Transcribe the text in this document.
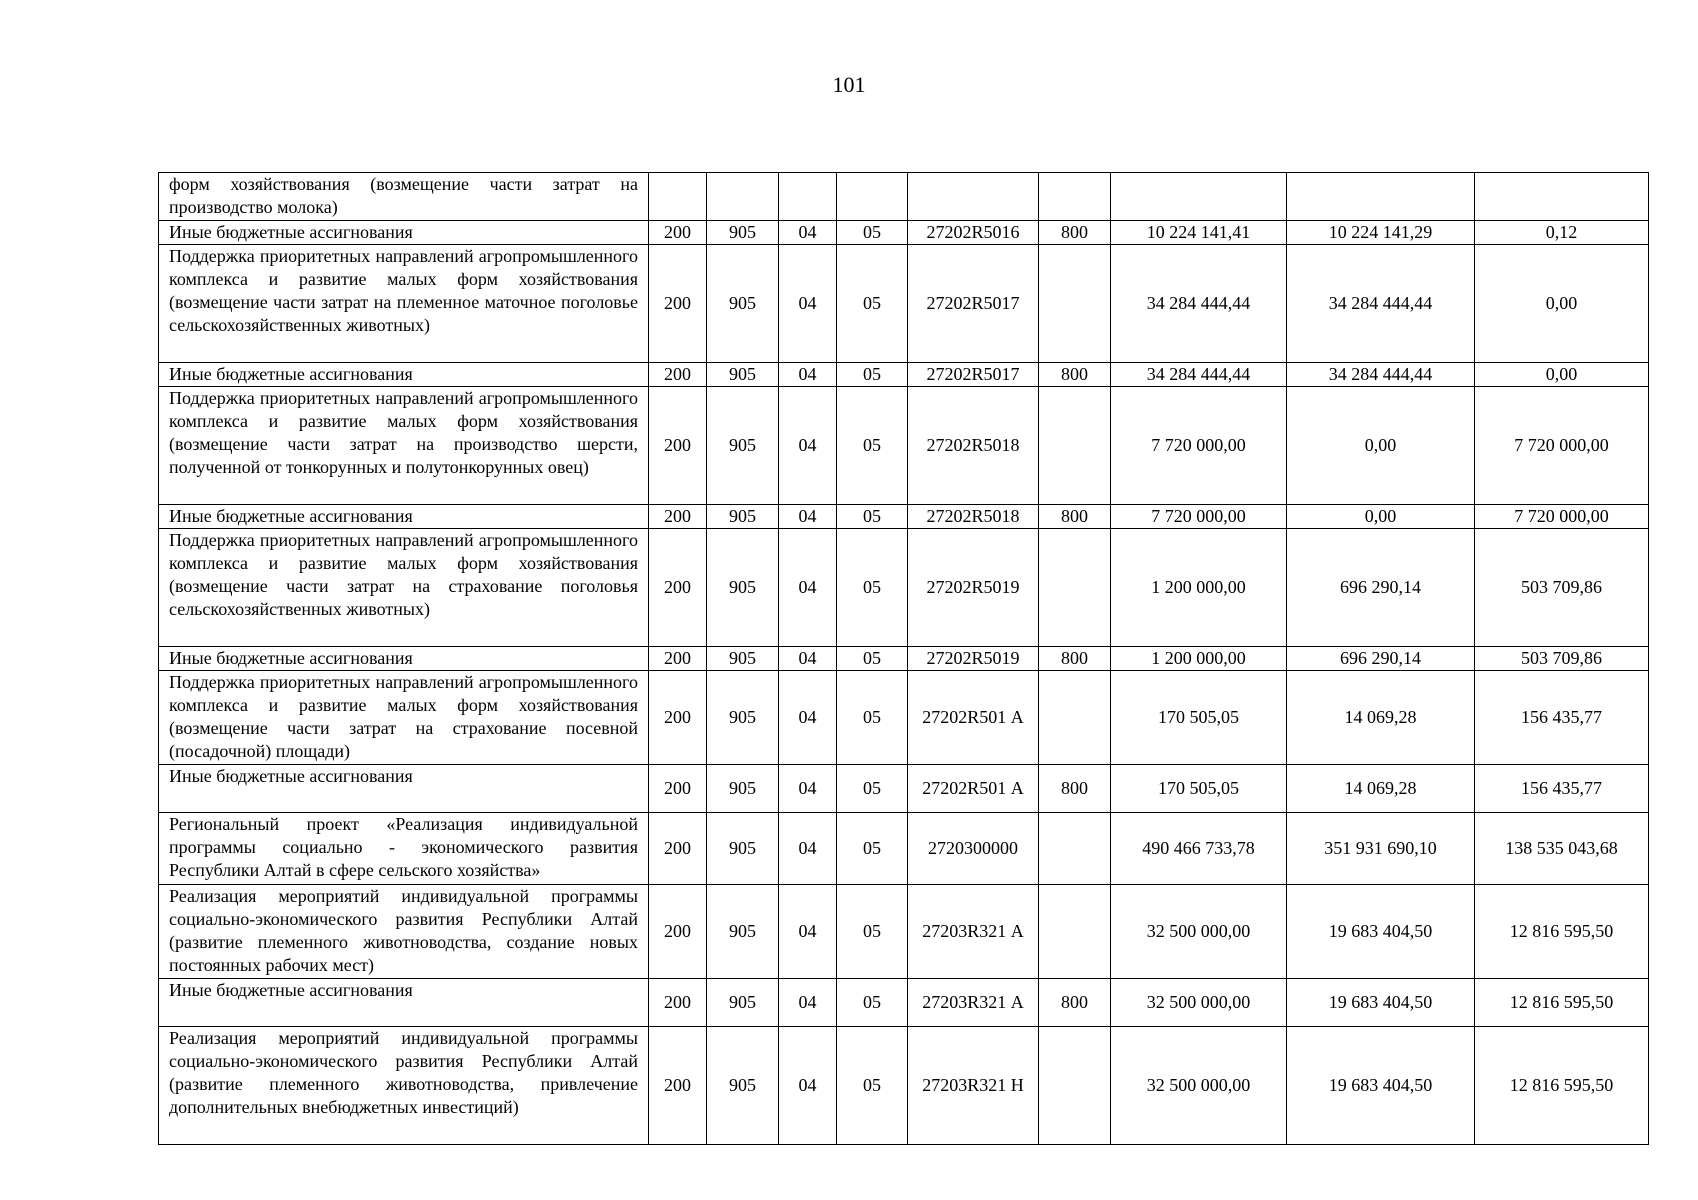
101
форм хозяйствования (возмещение части затрат на производство молока)									
Иные бюджетные ассигнования	200	905	04	05	27202R5016	800	10 224 141,41	10 224 141,29	0,12
Поддержка приоритетных направлений агропромышленного комплекса и развитие малых форм хозяйствования (возмещение части затрат на племенное маточное поголовье сельскохозяйственных животных)	200	905	04	05	27202R5017		34 284 444,44	34 284 444,44	0,00
Иные бюджетные ассигнования	200	905	04	05	27202R5017	800	34 284 444,44	34 284 444,44	0,00
Поддержка приоритетных направлений агропромышленного комплекса и развитие малых форм хозяйствования (возмещение части затрат на производство шерсти, полученной от тонкорунных и полутонкорунных овец)	200	905	04	05	27202R5018		7 720 000,00	0,00	7 720 000,00
Иные бюджетные ассигнования	200	905	04	05	27202R5018	800	7 720 000,00	0,00	7 720 000,00
Поддержка приоритетных направлений агропромышленного комплекса и развитие малых форм хозяйствования (возмещение части затрат на страхование поголовья сельскохозяйственных животных)	200	905	04	05	27202R5019		1 200 000,00	696 290,14	503 709,86
Иные бюджетные ассигнования	200	905	04	05	27202R5019	800	1 200 000,00	696 290,14	503 709,86
Поддержка приоритетных направлений агропромышленного комплекса и развитие малых форм хозяйствования (возмещение части затрат на страхование посевной (посадочной) площади)	200	905	04	05	27202R501 А		170 505,05	14 069,28	156 435,77
Иные бюджетные ассигнования	200	905	04	05	27202R501 А	800	170 505,05	14 069,28	156 435,77
Региональный проект «Реализация индивидуальной программы социально - экономического развития Республики Алтай в сфере сельского хозяйства»	200	905	04	05	2720300000		490 466 733,78	351 931 690,10	138 535 043,68
Реализация мероприятий индивидуальной программы социально-экономического развития Республики Алтай (развитие племенного животноводства, создание новых постоянных рабочих мест)	200	905	04	05	27203R321 А		32 500 000,00	19 683 404,50	12 816 595,50
Иные бюджетные ассигнования	200	905	04	05	27203R321 А	800	32 500 000,00	19 683 404,50	12 816 595,50
Реализация мероприятий индивидуальной программы социально-экономического развития Республики Алтай (развитие племенного животноводства, привлечение дополнительных внебюджетных инвестиций)	200	905	04	05	27203R321 Н		32 500 000,00	19 683 404,50	12 816 595,50
